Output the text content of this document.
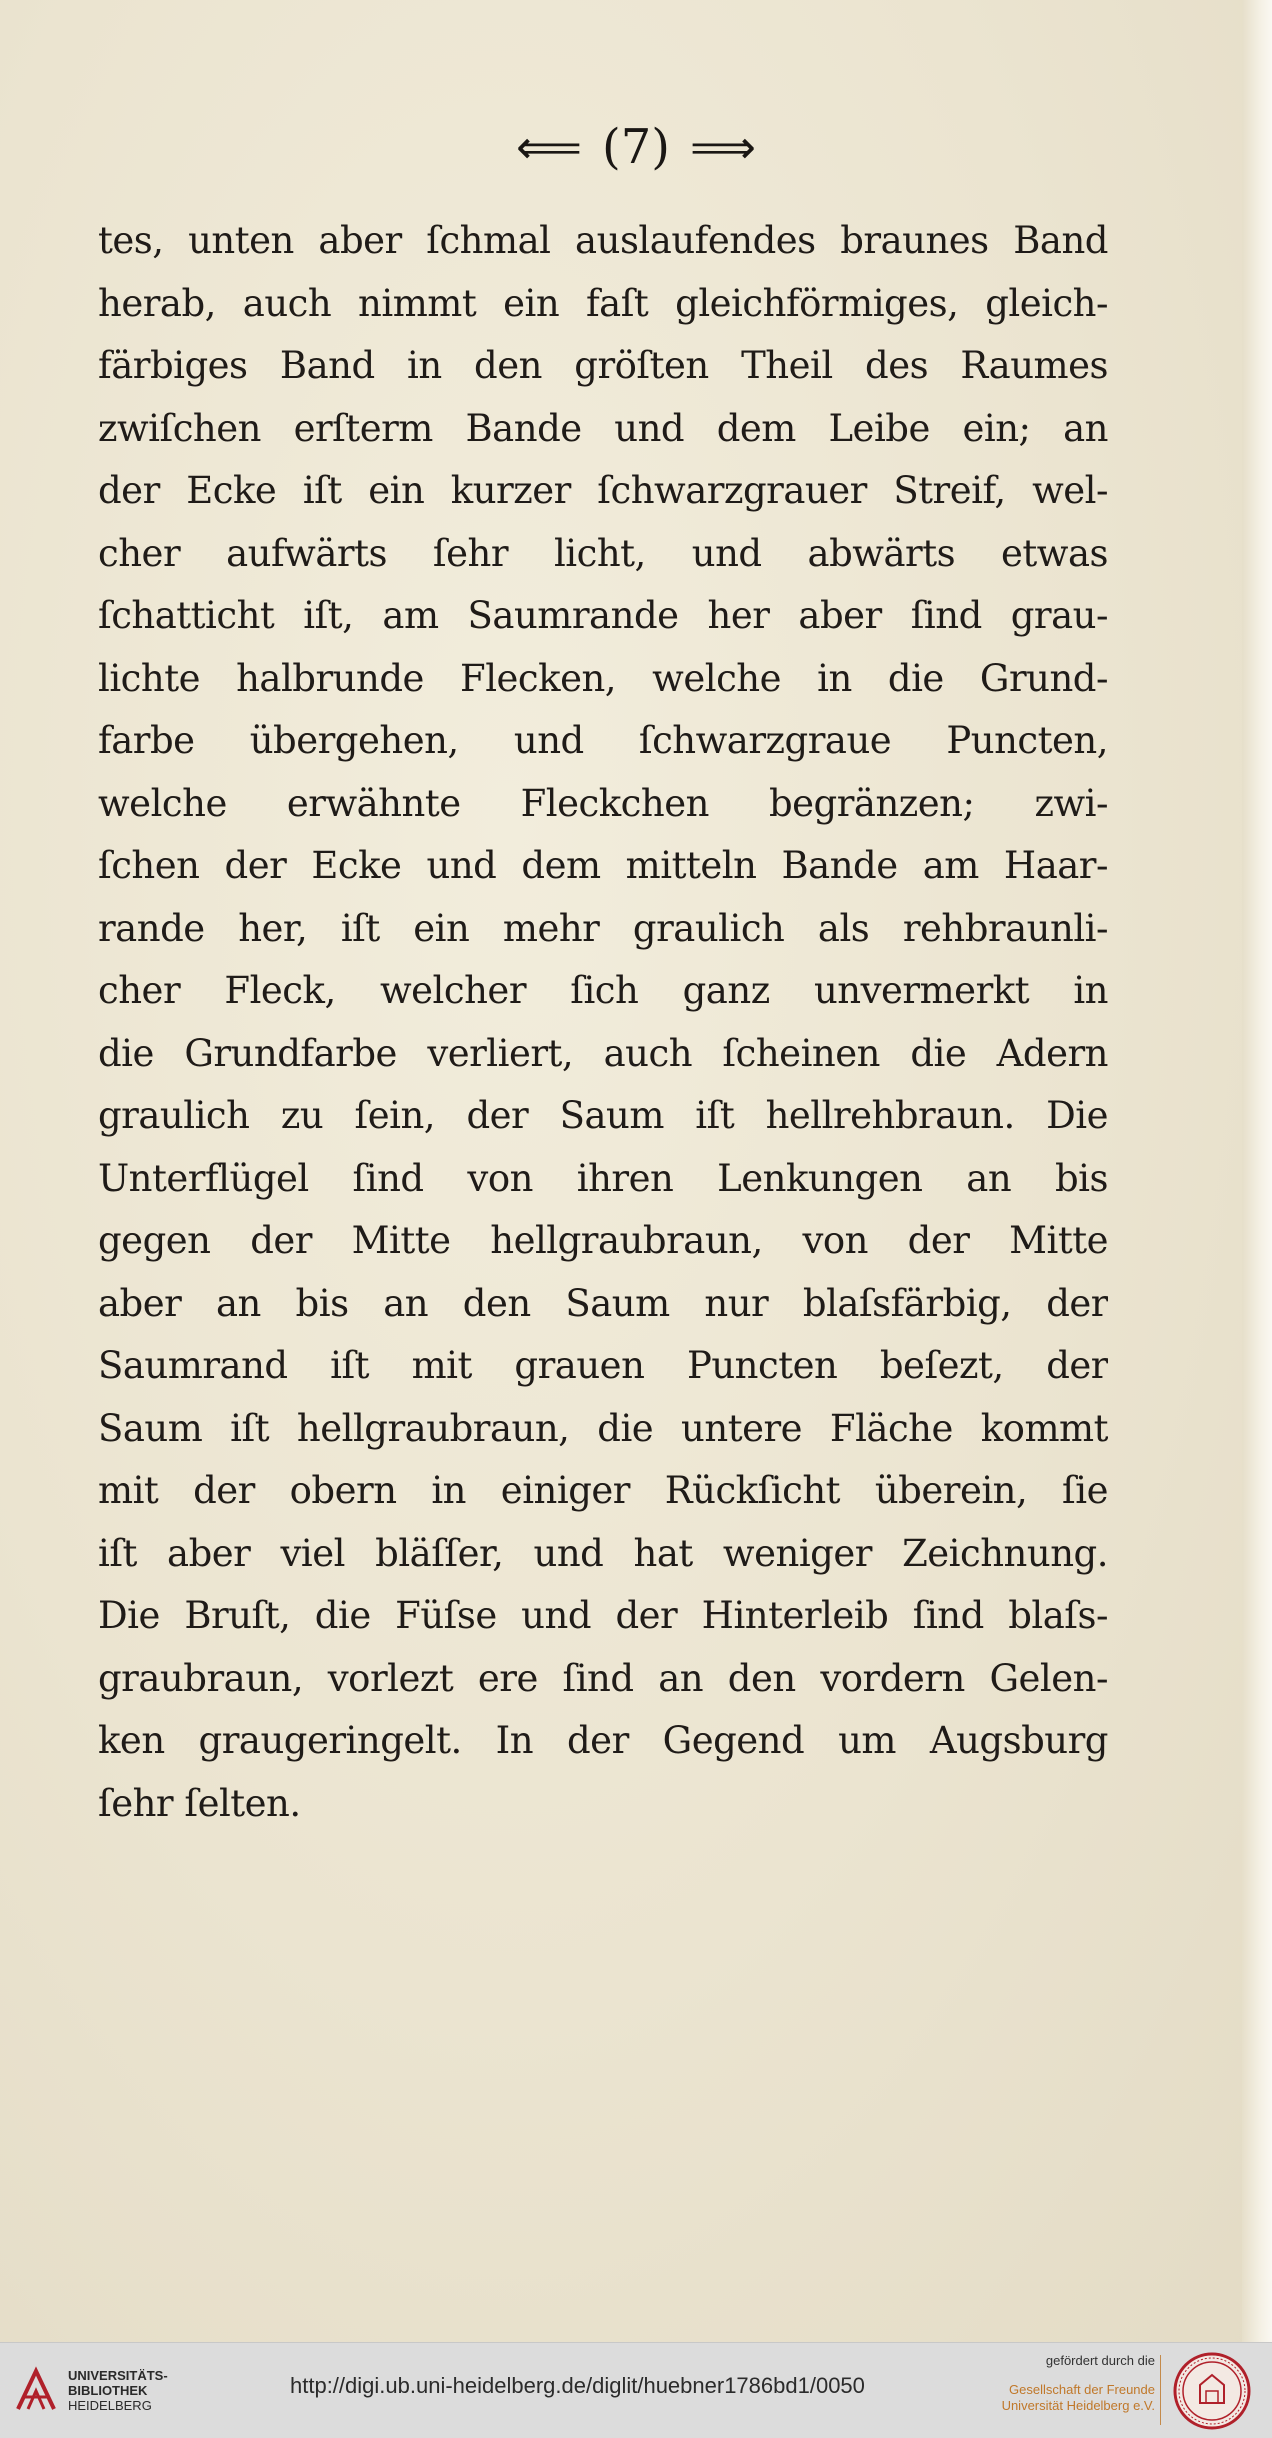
⟸ (7) ⟹
tes, unten aber ſchmal auslaufendes braunes Band
herab, auch nimmt ein faſt gleichförmiges, gleich-
färbiges Band in den gröſten Theil des Raumes
zwiſchen erſterm Bande und dem Leibe ein; an
der Ecke iſt ein kurzer ſchwarzgrauer Streif, wel-
cher aufwärts ſehr licht, und abwärts etwas
ſchatticht iſt, am Saumrande her aber ſind grau-
lichte halbrunde Flecken, welche in die Grund-
farbe übergehen, und ſchwarzgraue Puncten,
welche erwähnte Fleckchen begränzen; zwi-
ſchen der Ecke und dem mitteln Bande am Haar-
rande her, iſt ein mehr graulich als rehbraunli-
cher Fleck, welcher ſich ganz unvermerkt in
die Grundfarbe verliert, auch ſcheinen die Adern
graulich zu ſein, der Saum iſt hellrehbraun. Die
Unterflügel ſind von ihren Lenkungen an bis
gegen der Mitte hellgraubraun, von der Mitte
aber an bis an den Saum nur blaſsfärbig, der
Saumrand iſt mit grauen Puncten beſezt, der
Saum iſt hellgraubraun, die untere Fläche kommt
mit der obern in einiger Rückſicht überein, ſie
iſt aber viel bläſſer, und hat weniger Zeichnung.
Die Bruſt, die Füſse und der Hinterleib ſind blaſs-
graubraun, vorlezt ere ſind an den vordern Gelen-
ken graugeringelt. In der Gegend um Augsburg
ſehr ſelten.
UNIVERSITÄTS-
BIBLIOTHEK
HEIDELBERG
http://digi.ub.uni-heidelberg.de/diglit/huebner1786bd1/0050
gefördert durch die
Gesellschaft der Freunde
Universität Heidelberg e.V.
